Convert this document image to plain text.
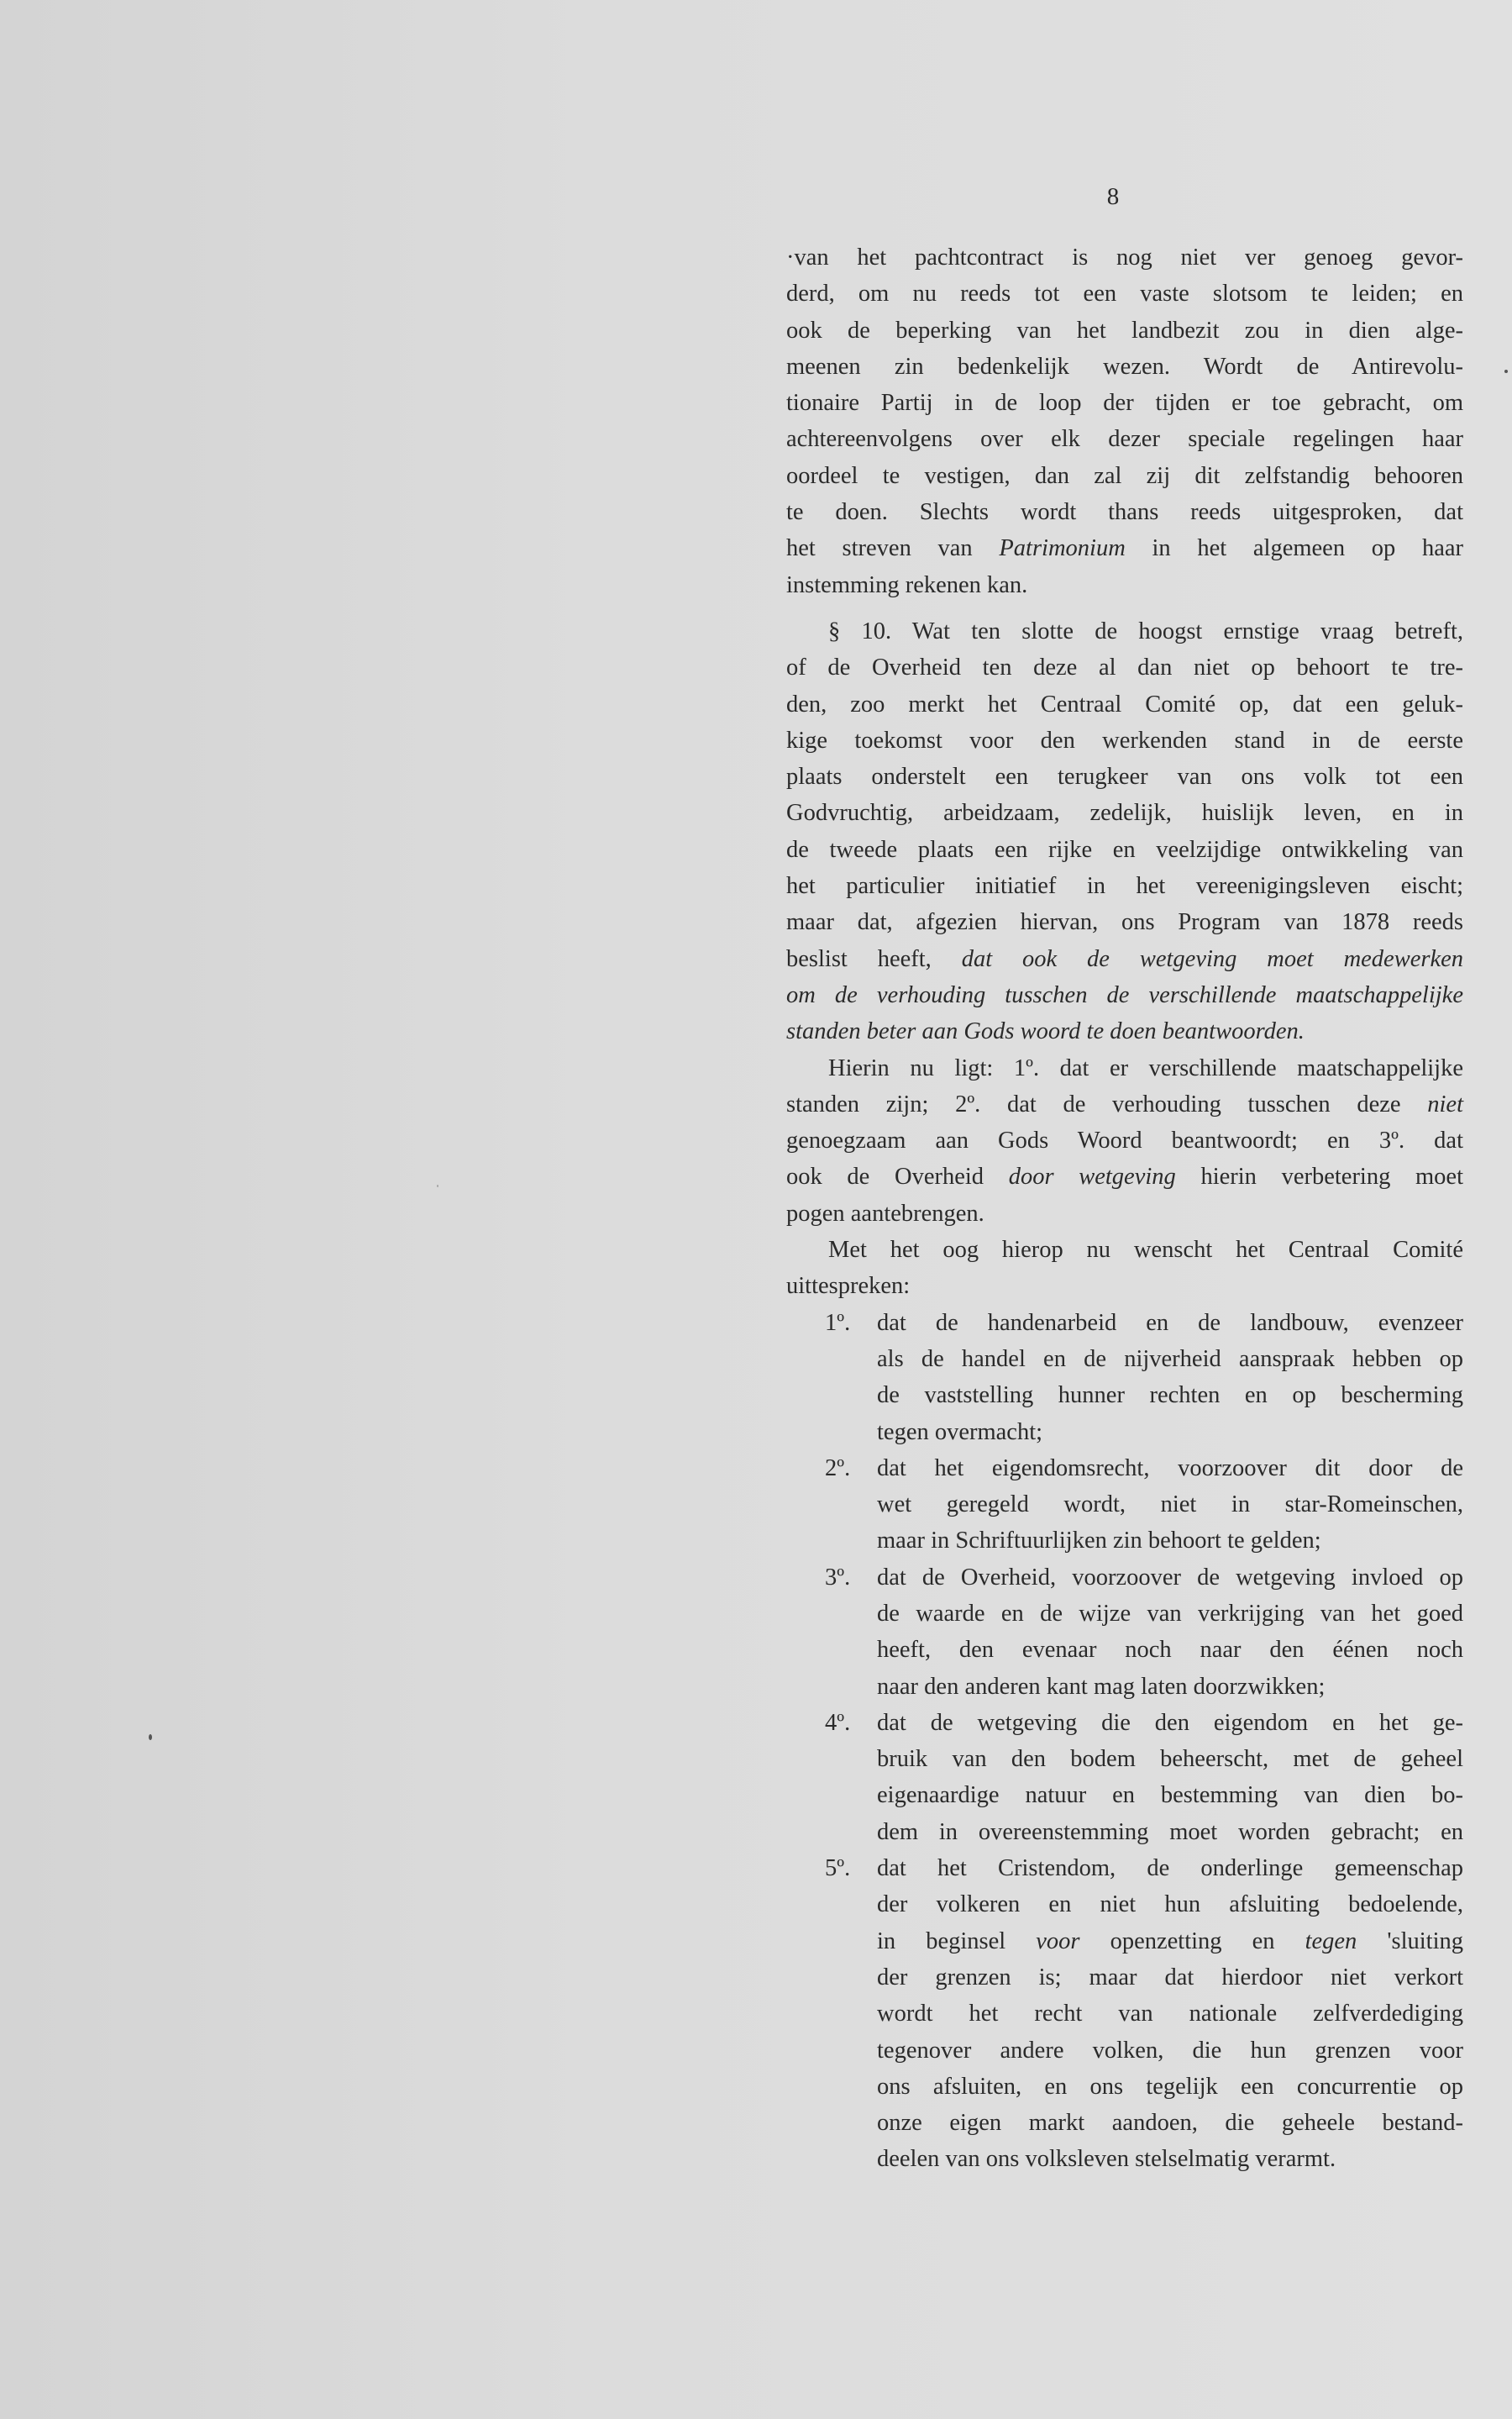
8
·van het pachtcontract is nog niet ver genoeg gevor-
derd, om nu reeds tot een vaste slotsom te leiden; en
ook de beperking van het landbezit zou in dien alge-
meenen zin bedenkelijk wezen. Wordt de Antirevolu-
tionaire Partij in de loop der tijden er toe gebracht, om
achtereenvolgens over elk dezer speciale regelingen haar
oordeel te vestigen, dan zal zij dit zelfstandig behooren
te doen. Slechts wordt thans reeds uitgesproken, dat
het streven van Patrimonium in het algemeen op haar
instemming rekenen kan.
§ 10. Wat ten slotte de hoogst ernstige vraag betreft,
of de Overheid ten deze al dan niet op behoort te tre-
den, zoo merkt het Centraal Comité op, dat een geluk-
kige toekomst voor den werkenden stand in de eerste
plaats onderstelt een terugkeer van ons volk tot een
Godvruchtig, arbeidzaam, zedelijk, huislijk leven, en in
de tweede plaats een rijke en veelzijdige ontwikkeling van
het particulier initiatief in het vereenigingsleven eischt;
maar dat, afgezien hiervan, ons Program van 1878 reeds
beslist heeft, dat ook de wetgeving moet medewerken
om de verhouding tusschen de verschillende maatschappelijke
standen beter aan Gods woord te doen beantwoorden.
Hierin nu ligt: 1º. dat er verschillende maatschappelijke
standen zijn; 2º. dat de verhouding tusschen deze niet
genoegzaam aan Gods Woord beantwoordt; en 3º. dat
ook de Overheid door wetgeving hierin verbetering moet
pogen aantebrengen.
Met het oog hierop nu wenscht het Centraal Comité
uittespreken:
1º. dat de handenarbeid en de landbouw, evenzeer
als de handel en de nijverheid aanspraak hebben op
de vaststelling hunner rechten en op bescherming
tegen overmacht;
2º. dat het eigendomsrecht, voorzoover dit door de
wet geregeld wordt, niet in star-Romeinschen,
maar in Schriftuurlijken zin behoort te gelden;
3º. dat de Overheid, voorzoover de wetgeving invloed op
de waarde en de wijze van verkrijging van het goed
heeft, den evenaar noch naar den éénen noch
naar den anderen kant mag laten doorzwikken;
4º. dat de wetgeving die den eigendom en het ge-
bruik van den bodem beheerscht, met de geheel
eigenaardige natuur en bestemming van dien bo-
dem in overeenstemming moet worden gebracht; en
5º. dat het Cristendom, de onderlinge gemeenschap
der volkeren en niet hun afsluiting bedoelende,
in beginsel voor openzetting en tegen 'sluiting
der grenzen is; maar dat hierdoor niet verkort
wordt het recht van nationale zelfverdediging
tegenover andere volken, die hun grenzen voor
ons afsluiten, en ons tegelijk een concurrentie op
onze eigen markt aandoen, die geheele bestand-
deelen van ons volksleven stelselmatig verarmt.
